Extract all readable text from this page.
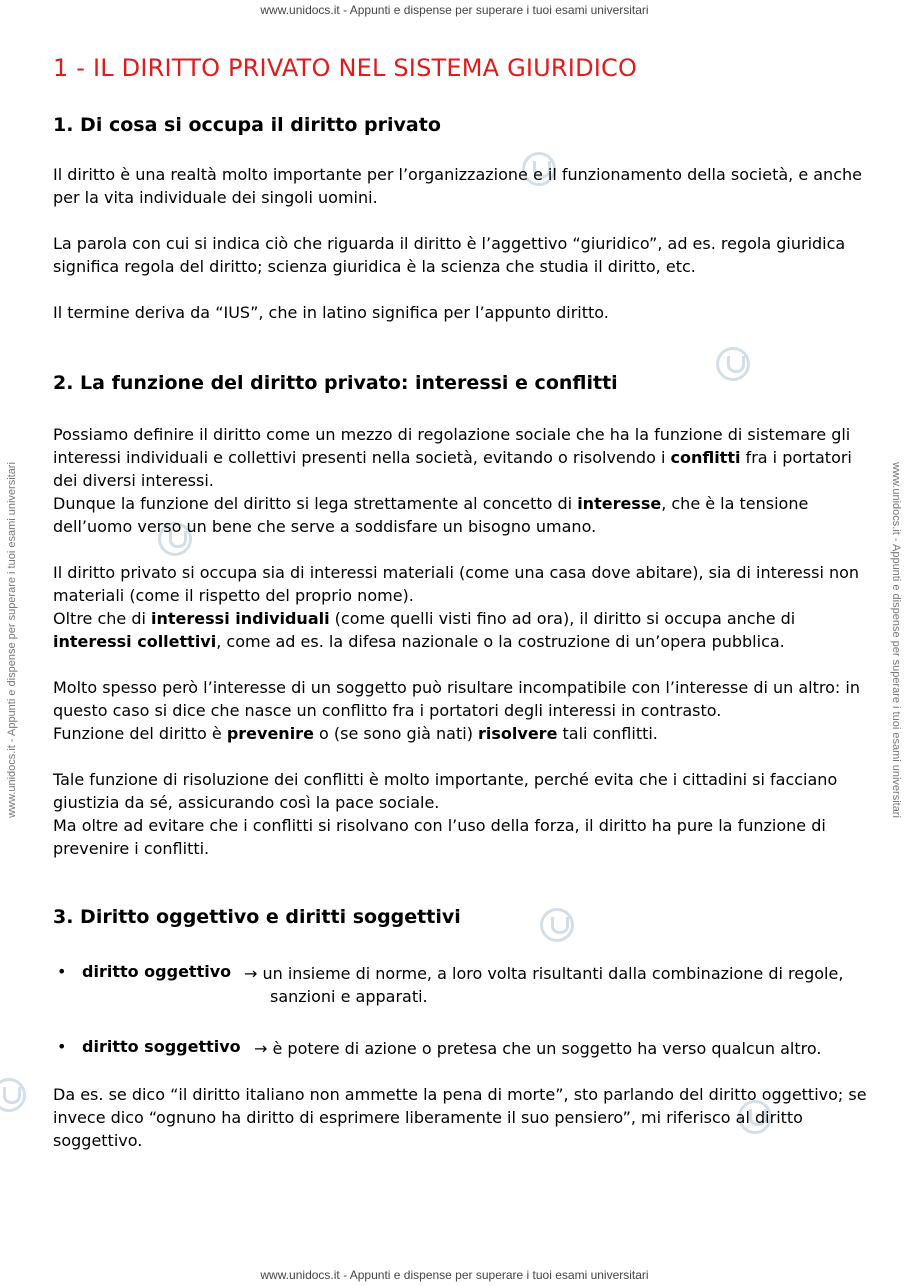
www.unidocs.it - Appunti e dispense per superare i tuoi esami universitari
www.unidocs.it - Appunti e dispense per superare i tuoi esami universitari
www.unidocs.it - Appunti e dispense per superare i tuoi esami universitari	www.unidocs.it - Appunti e dispense per superare i tuoi esami universitari
1 - IL DIRITTO PRIVATO NEL SISTEMA GIURIDICO
1. Di cosa si occupa il diritto privato

Il diritto è una realtà molto importante per l’organizzazione e il funzionamento della società, e anche per la vita individuale dei singoli uomini.

La parola con cui si indica ciò che riguarda il diritto è l’aggettivo “giuridico”, ad es. regola giuridica significa regola del diritto; scienza giuridica è la scienza che studia il diritto, etc.

Il termine deriva da “IUS”, che in latino significa per l’appunto diritto.

2. La funzione del diritto privato: interessi e conflitti

Possiamo definire il diritto come un mezzo di regolazione sociale che ha la funzione di sistemare gli interessi individuali e collettivi presenti nella società, evitando o risolvendo i conflitti fra i portatori dei diversi interessi.
Dunque la funzione del diritto si lega strettamente al concetto di interesse, che è la tensione dell’uomo verso un bene che serve a soddisfare un bisogno umano.

Il diritto privato si occupa sia di interessi materiali (come una casa dove abitare), sia di interessi non materiali (come il rispetto del proprio nome).
Oltre che di interessi individuali (come quelli visti fino ad ora), il diritto si occupa anche di interessi collettivi, come ad es. la difesa nazionale o la costruzione di un’opera pubblica.

Molto spesso però l’interesse di un soggetto può risultare incompatibile con l’interesse di un altro: in questo caso si dice che nasce un conflitto fra i portatori degli interessi in contrasto.
Funzione del diritto è prevenire o (se sono già nati) risolvere tali conflitti.

Tale funzione di risoluzione dei conflitti è molto importante, perché evita che i cittadini si facciano giustizia da sé, assicurando così la pace sociale.
Ma oltre ad evitare che i conflitti si risolvano con l’uso della forza, il diritto ha pure la funzione di prevenire i conflitti.

3. Diritto oggettivo e diritti soggettivi
• diritto oggettivo → un insieme di norme, a loro volta risultanti dalla combinazione di regole,
sanzioni e apparati.
• diritto soggettivo → è potere di azione o pretesa che un soggetto ha verso qualcun altro.

Da es. se dico “il diritto italiano non ammette la pena di morte”, sto parlando del diritto oggettivo; se invece dico “ognuno ha diritto di esprimere liberamente il suo pensiero”, mi riferisco al diritto soggettivo.
